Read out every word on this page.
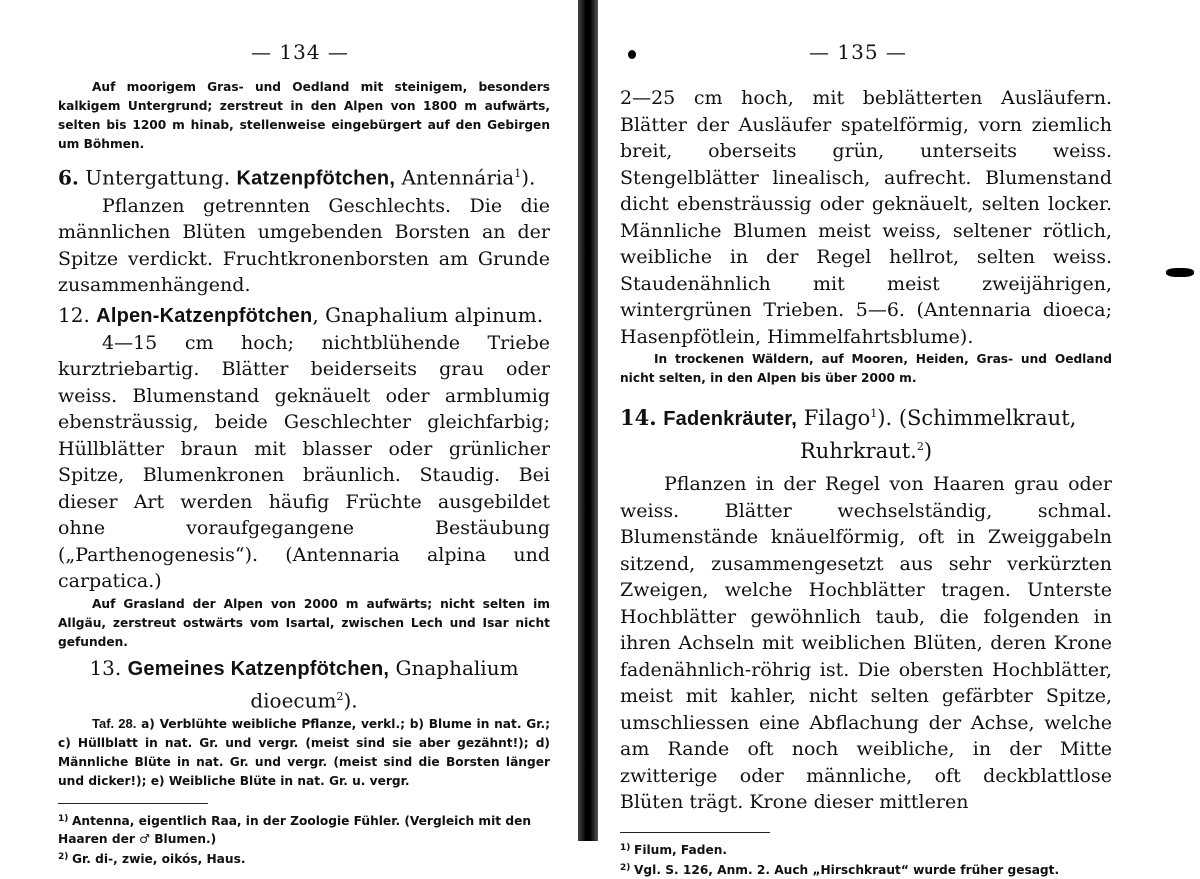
— 134 —

Auf moorigem Gras- und Oedland mit steinigem, besonders kalkigem Untergrund; zerstreut in den Alpen von 1800 m aufwärts, selten bis 1200 m hinab, stellenweise eingebürgert auf den Gebirgen um Böhmen.

6. Untergattung. Katzenpfötchen, Antennária$^1$).

Pflanzen getrennten Geschlechts. Die die männlichen Blüten umgebenden Borsten an der Spitze verdickt. Fruchtkronenborsten am Grunde zusammenhängend.

12. Alpen-Katzenpfötchen, Gnaphalium alpinum.

4—15 cm hoch; nichtblühende Triebe kurztriebartig. Blätter beiderseits grau oder weiss. Blumenstand geknäuelt oder armblumig ebensträussig, beide Geschlechter gleichfarbig; Hüllblätter braun mit blasser oder grünlicher Spitze, Blumenkronen bräunlich. Staudig. Bei dieser Art werden häufig Früchte ausgebildet ohne voraufgegangene Bestäubung („Parthenogenesis“). (Antennaria alpina und carpatica.)

Auf Grasland der Alpen von 2000 m aufwärts; nicht selten im Allgäu, zerstreut ostwärts vom Isartal, zwischen Lech und Isar nicht gefunden.

13. Gemeines Katzenpfötchen, Gnaphalium
dioecum$^2$).

Taf. 28. a) Verblühte weibliche Pflanze, verkl.; b) Blume in nat. Gr.; c) Hüllblatt in nat. Gr. und vergr. (meist sind sie aber gezähnt!); d) Männliche Blüte in nat. Gr. und vergr. (meist sind die Borsten länger und dicker!); e) Weibliche Blüte in nat. Gr. u. vergr.

1) Antenna, eigentlich Raa, in der Zoologie Fühler. (Vergleich mit den Haaren der ♂ Blumen.)

2) Gr. di-, zwie, oikós, Haus.

— 135 —

2—25 cm hoch, mit beblätterten Ausläufern. Blätter der Ausläufer spatelförmig, vorn ziemlich breit, oberseits grün, unterseits weiss. Stengelblätter linealisch, aufrecht. Blumenstand dicht ebensträussig oder geknäuelt, selten locker. Männliche Blumen meist weiss, seltener rötlich, weibliche in der Regel hellrot, selten weiss. Staudenähnlich mit meist zweijährigen, wintergrünen Trieben. 5—6. (Antennaria dioeca; Hasenpfötlein, Himmelfahrtsblume).

In trockenen Wäldern, auf Mooren, Heiden, Gras- und Oedland nicht selten, in den Alpen bis über 2000 m.

14. Fadenkräuter, Filago$^1$). (Schimmelkraut,
Ruhrkraut.$^2$)

Pflanzen in der Regel von Haaren grau oder weiss. Blätter wechselständig, schmal. Blumenstände knäuelförmig, oft in Zweiggabeln sitzend, zusammengesetzt aus sehr verkürzten Zweigen, welche Hochblätter tragen. Unterste Hochblätter gewöhnlich taub, die folgenden in ihren Achseln mit weiblichen Blüten, deren Krone fadenähnlich-röhrig ist. Die obersten Hochblätter, meist mit kahler, nicht selten gefärbter Spitze, umschliessen eine Abflachung der Achse, welche am Rande oft noch weibliche, in der Mitte zwitterige oder männliche, oft deckblattlose Blüten trägt. Krone dieser mittleren

1) Filum, Faden.

2) Vgl. S. 126, Anm. 2. Auch „Hirschkraut“ wurde früher gesagt.
